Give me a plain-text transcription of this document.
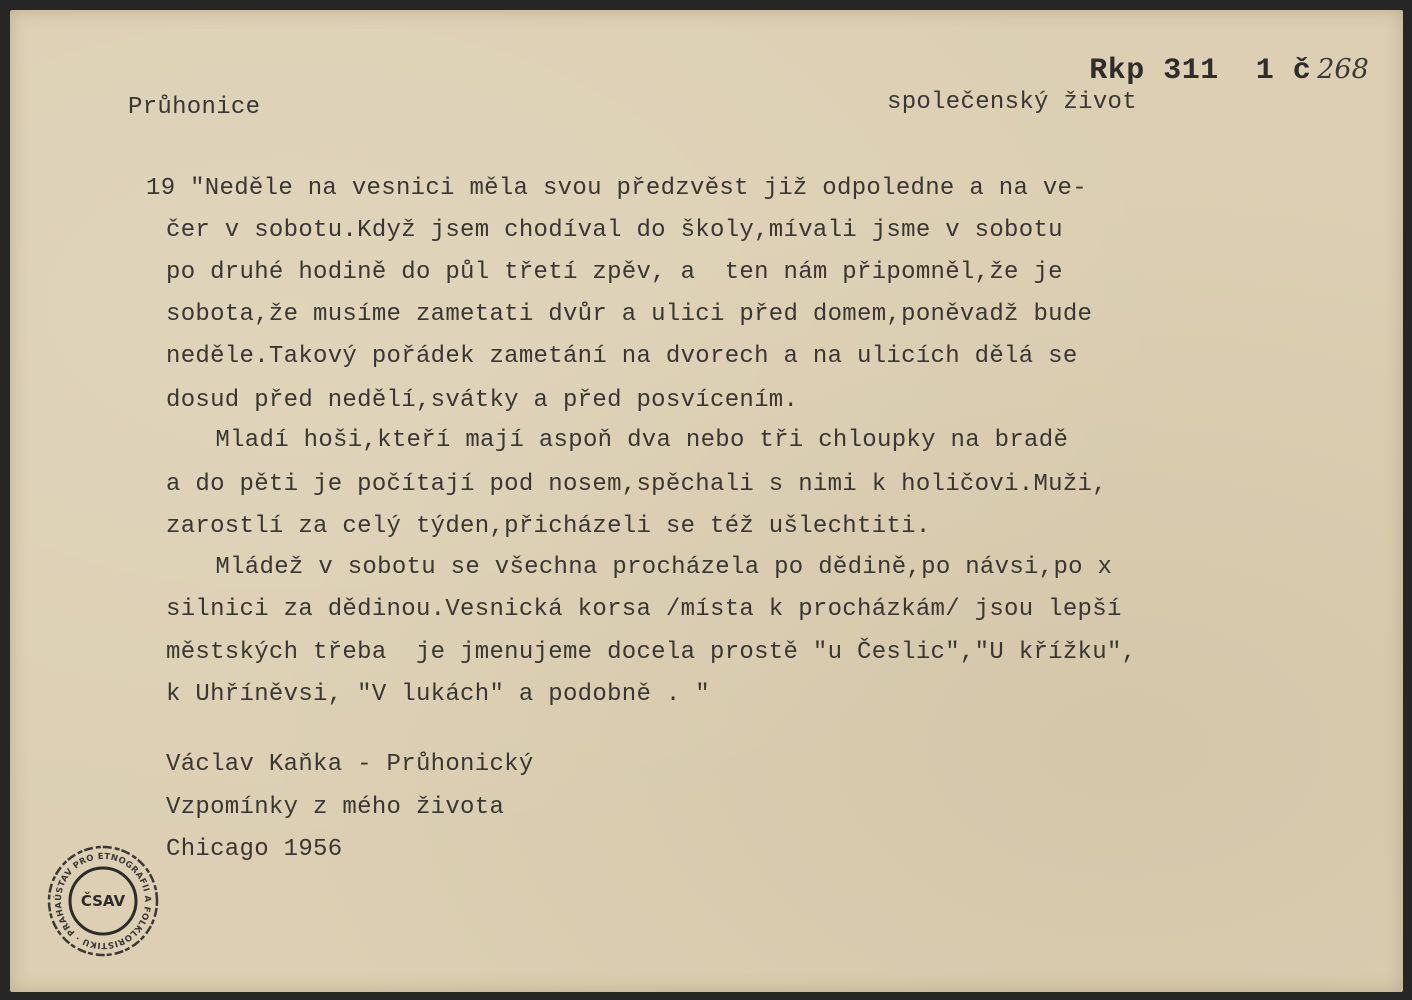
Rkp 311  1 č 268

Průhonice	společenský život
19 "Neděle na vesnici měla svou předzvěst již odpoledne a na ve-
čer v sobotu.Když jsem chodíval do školy,mívali jsme v sobotu
po druhé hodině do půl třetí zpěv, a  ten nám připomněl,že je
sobota,že musíme zametati dvůr a ulici před domem,poněvadž bude
neděle.Takový pořádek zametání na dvorech a na ulicích dělá se
dosud před nedělí,svátky a před posvícením.
Mladí hoši,kteří mají aspoň dva nebo tři chloupky na bradě
a do pěti je počítají pod nosem,spěchali s nimi k holičovi.Muži,
zarostlí za celý týden,přicházeli se též ušlechtiti.
Mládež v sobotu se všechna procházela po dědině,po návsi,po x
silnici za dědinou.Vesnická korsa /místa k procházkám/ jsou lepší
městských třeba  je jmenujeme docela prostě "u Česlic","U křížku",
k Uhříněvsi, "V lukách" a podobně . "
Václav Kaňka - Průhonický
Vzpomínky z mého života
Chicago 1956
ÚSTAV PRO ETNOGRAFII A FOLKLORISTIKU · PRAHA	ČSAV
